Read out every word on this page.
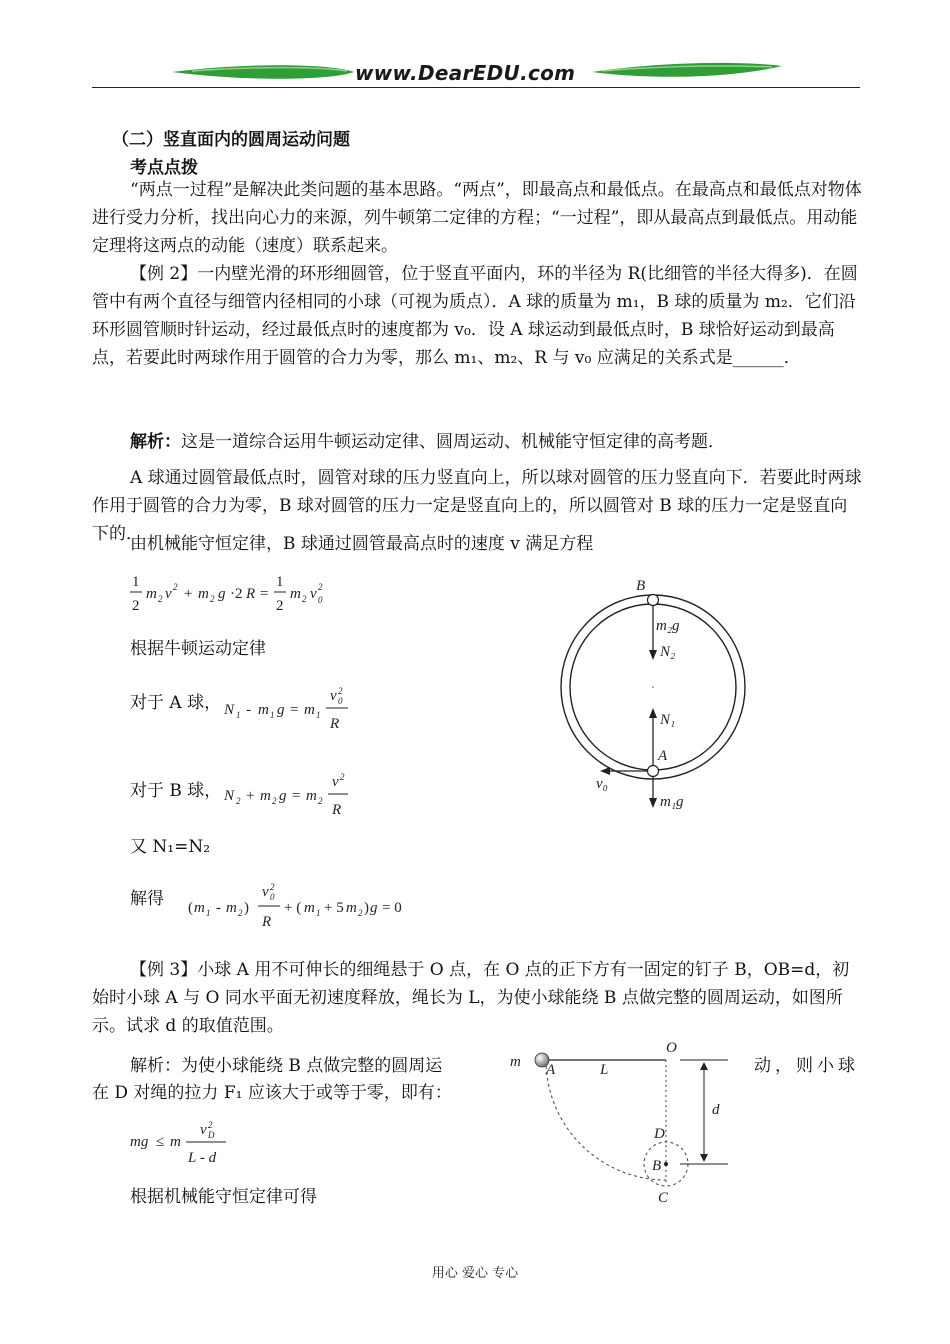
www.DearEDU.com
（二）竖直面内的圆周运动问题
考点点拨

“两点一过程”是解决此类问题的基本思路。“两点”，即最高点和最低点。在最高点和最低点对物体进行受力分析，找出向心力的来源，列牛顿第二定律的方程；“一过程”，即从最高点到最低点。用动能定理将这两点的动能（速度）联系起来。

【例 2】一内壁光滑的环形细圆管，位于竖直平面内，环的半径为 R(比细管的半径大得多)．在圆管中有两个直径与细管内径相同的小球（可视为质点）．A 球的质量为 m₁，B 球的质量为 m₂．它们沿环形圆管顺时针运动，经过最低点时的速度都为 v₀．设 A 球运动到最低点时，B 球恰好运动到最高点，若要此时两球作用于圆管的合力为零，那么 m₁、m₂、R 与 v₀ 应满足的关系式是______．

解析：这是一道综合运用牛顿运动定律、圆周运动、机械能守恒定律的高考题．

A 球通过圆管最低点时，圆管对球的压力竖直向上，所以球对圆管的压力竖直向下．若要此时两球作用于圆管的合力为零，B 球对圆管的压力一定是竖直向上的，所以圆管对 B 球的压力一定是竖直向下的．

由机械能守恒定律，B 球通过圆管最高点时的速度 v 满足方程

1
2
m 2 v 2 + m 2 g ·2 R =
1
2
m 2 v 2
0
根据牛顿运动定律
对于 A 球， N 1 - m 1 g = m 1
v 2
0
R
对于 B 球， N 2 + m 2 g = m 2
v 2
R
又 N₁=N₂
解得 ( m 1 - m 2 )
v 2
0
R
+ ( m 1 + 5 m 2 ) g = 0
B
m₂g
N₂
N₁
A
v₀
m₁g

【例 3】小球 A 用不可伸长的细绳悬于 O 点，在 O 点的正下方有一固定的钉子 B，OB=d，初始时小球 A 与 O 同水平面无初速度释放，绳长为 L，为使小球能绕 B 点做完整的圆周运动，如图所示。试求 d 的取值范围。

解析：为使小球能绕 B 点做完整的圆周运	动，则小球
在 D 对绳的拉力 F₁ 应该大于或等于零，即有：
mg ≤ m
v 2
D
L - d
根据机械能守恒定律可得
m A	L
O
d
D
B
C
用心 爱心 专心
